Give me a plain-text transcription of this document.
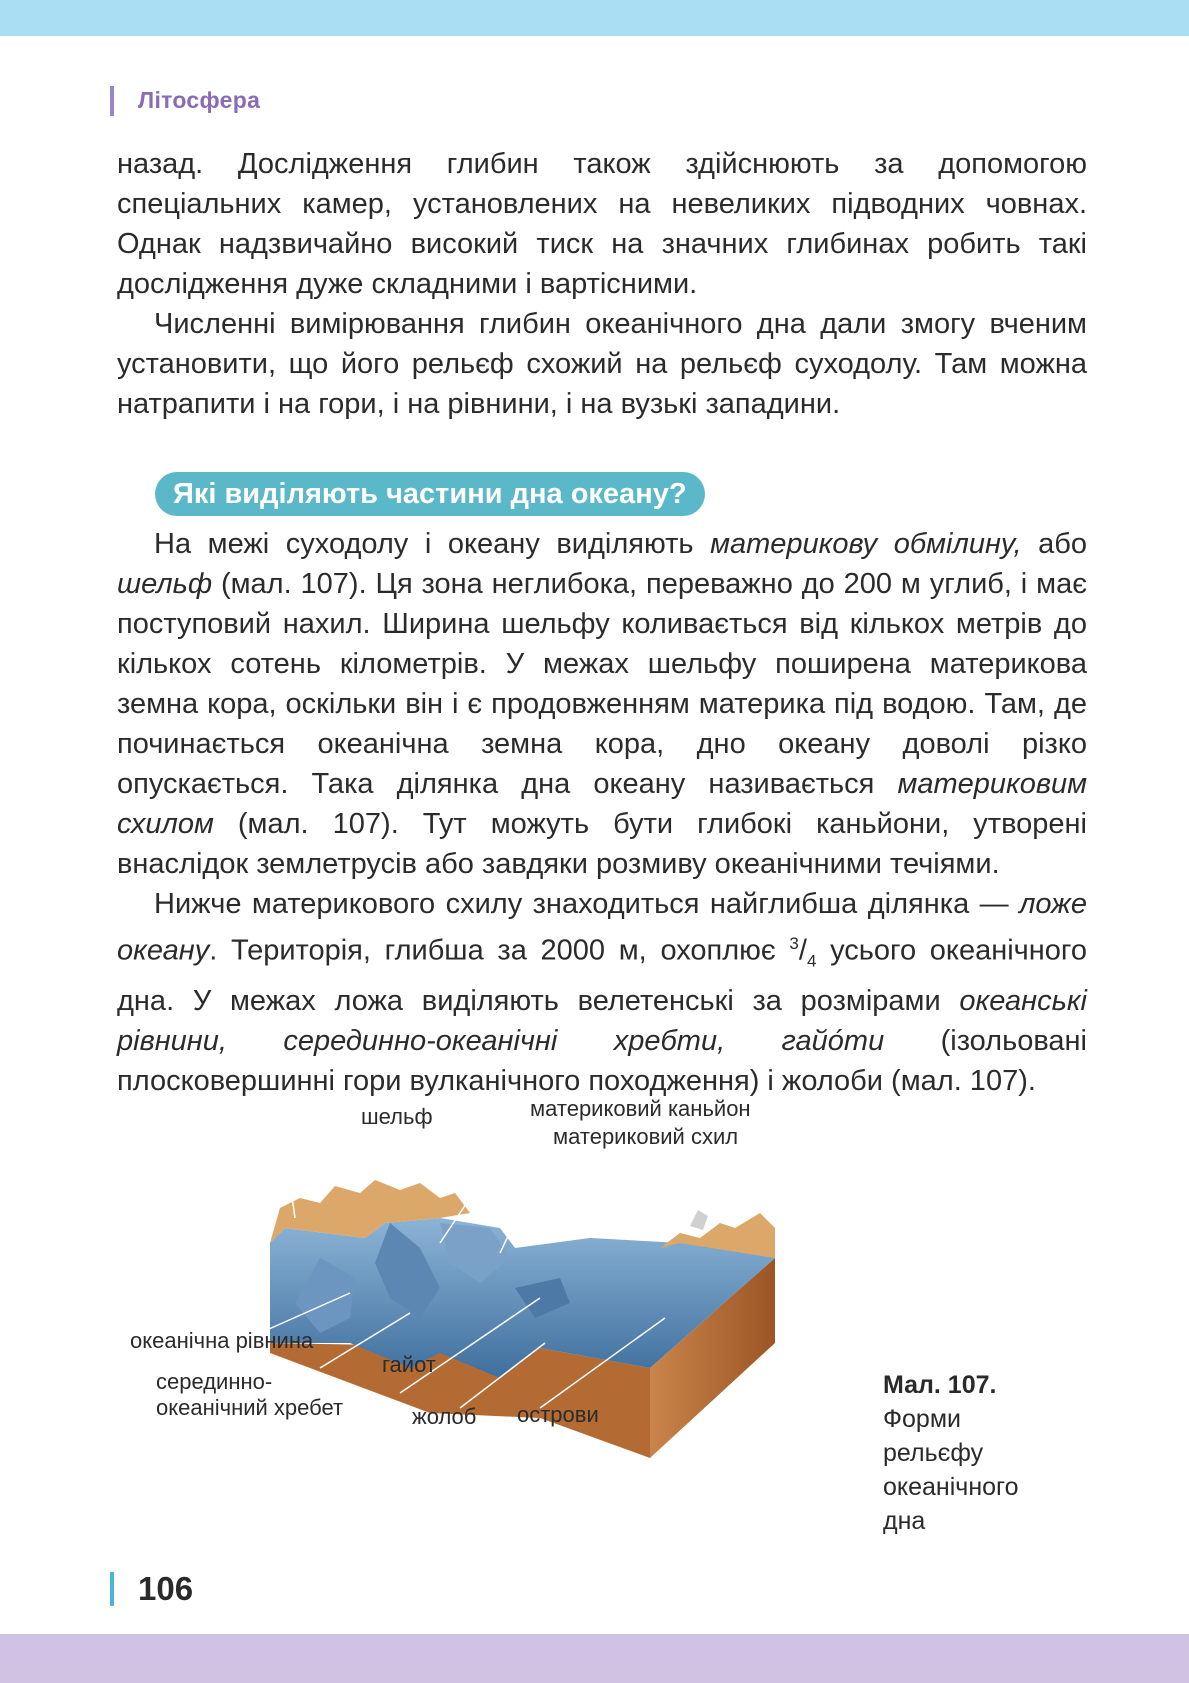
Літосфера

назад. Дослідження глибин також здійснюють за допомогою спеціальних камер, установлених на невеликих підводних човнах. Однак надзвичайно високий тиск на значних глибинах робить такі дослідження дуже складними і вартісними.

Численні вимірювання глибин океанічного дна дали змогу вченим установити, що його рельєф схожий на рельєф суходолу. Там можна натрапити і на гори, і на рівнини, і на вузькі западини.

Які виділяють частини дна океану?

На межі суходолу і океану виділяють материкову обмілину, або шельф (мал. 107). Ця зона неглибока, переважно до 200 м углиб, і має поступовий нахил. Ширина шельфу коливається від кількох метрів до кількох сотень кілометрів. У межах шельфу поширена материкова земна кора, оскільки він і є продовженням материка під водою. Там, де починається океанічна земна кора, дно океану доволі різко опускається. Така ділянка дна океану називається материковим схилом (мал. 107). Тут можуть бути глибокі каньйони, утворені внаслідок землетрусів або завдяки розмиву океанічними течіями.

Нижче материкового схилу знаходиться найглибша ділянка — ложе океану. Територія, глибша за 2000 м, охоплює $^3/_4$ усього океанічного дна. У межах ложа виділяють велетенські за розмірами океанські рівнини, серединно-океанічні хребти, гайо́ти (ізольовані плосковершинні гори вулканічного походження) і жолоби (мал. 107).

шельф	материковий каньйон
материковий схил
океанічна рівнина
гайот
серединно-
океанічний хребет	жолоб острови
Мал. 107.
Форми
рельєфу
океанічного
дна
106
